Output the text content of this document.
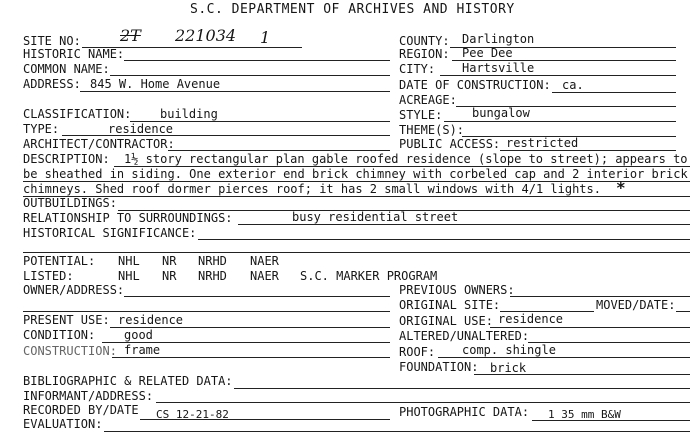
S.C. DEPARTMENT OF ARCHIVES AND HISTORY
SITE NO: 2T 221034 1	COUNTY: Darlington
HISTORIC NAME:	REGION: Pee Dee
COMMON NAME:	CITY: Hartsville
ADDRESS: 845 W. Home Avenue	DATE OF CONSTRUCTION: ca.
ACREAGE:
CLASSIFICATION: building	STYLE: bungalow
TYPE:	residence	THEME(S):
ARCHITECT/CONTRACTOR:	PUBLIC ACCESS: restricted
DESCRIPTION: 1½ story rectangular plan gable roofed residence (slope to street); appears to
be sheathed in siding. One exterior end brick chimney with corbeled cap and 2 interior brick
chimneys. Shed roof dormer pierces roof; it has 2 small windows with 4/1 lights. *
OUTBUILDINGS:
RELATIONSHIP TO SURROUNDINGS:	busy residential street
HISTORICAL SIGNIFICANCE:
POTENTIAL: NHL NR NRHD NAER
LISTED:	NHL NR NRHD NAER S.C. MARKER PROGRAM
OWNER/ADDRESS:	PREVIOUS OWNERS:
ORIGINAL SITE:	MOVED/DATE:
PRESENT USE: residence	ORIGINAL USE: residence
CONDITION: good	ALTERED/UNALTERED:
CONSTRUCTION: frame	ROOF: comp. shingle
FOUNDATION: brick
BIBLIOGRAPHIC & RELATED DATA:
INFORMANT/ADDRESS:
RECORDED BY/DATE CS 12-21-82	PHOTOGRAPHIC DATA: 1 35 mm B&W
EVALUATION:
